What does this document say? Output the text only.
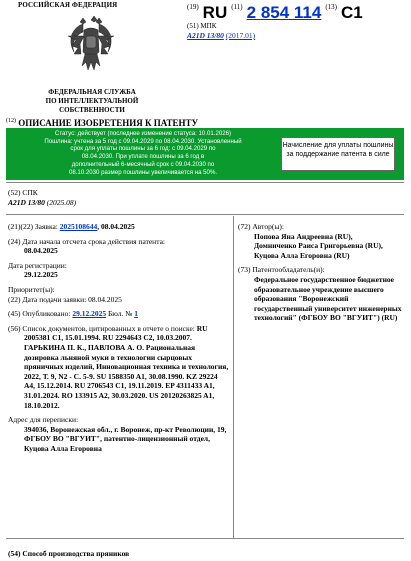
РОССИЙСКАЯ ФЕДЕРАЦИЯ
ФЕДЕРАЛЬНАЯ СЛУЖБА
ПО ИНТЕЛЛЕКТУАЛЬНОЙ СОБСТВЕННОСТИ
$^{(19)}$ RU $^{(11)}$ 2 854 114 $^{(13)}$ C1
(51) МПК
A21D 13/80 (2017.01)
$^{(12)}$ ОПИСАНИЕ ИЗОБРЕТЕНИЯ К ПАТЕНТУ
Статус: действует (последнее изменение статуса: 10.01.2026)
Пошлина: учтена за 5 год с 09.04.2029 по 08.04.2030. Установленный
срок для уплаты пошлины за 6 год: с 09.04.2029 по
08.04.2030. При уплате пошлины за 6 год в
дополнительный 6-месячный срок с 09.04.2030 по
08.10.2030 размер пошлины увеличивается на 50%.
Начисление для уплаты пошлины за поддержание патента в силе
(52) СПК
A21D 13/80 (2025.08)
(21)(22) Заявка: 2025108644, 08.04.2025
(24) Дата начала отсчета срока действия патента:
08.04.2025
Дата регистрации:
29.12.2025
Приоритет(ы):
(22) Дата подачи заявки: 08.04.2025
(45) Опубликовано: 29.12.2025 Бюл. № 1
(56) Список документов, цитированных в отчете о поиске: RU 2005381 C1, 15.01.1994. RU 2294643 C2, 10.03.2007. ГАРЬКИНА П. К., ПАВЛОВА А. О. Рациональная дозировка льняной муки в технологии сырцовых пряничных изделий, Инновационная техника и технология, 2022, Т. 9, N2 - С. 5-9. SU 1588350 A1, 30.08.1990. KZ 29224 A4, 15.12.2014. RU 2706543 C1, 19.11.2019. EP 4311433 A1, 31.01.2024. RO 133915 A2, 30.03.2020. US 20120263825 A1, 18.10.2012.
Адрес для переписки:
394036, Воронежская обл., г. Воронеж, пр-кт Революции, 19, ФГБОУ ВО "ВГУИТ", патентно-лицензионный отдел, Куцова Алла Егоровна
(72) Автор(ы):
Попова Яна Андреевна (RU),
Домниченко Раиса Григорьевна (RU),
Куцова Алла Егоровна (RU)
(73) Патентообладатель(и):
Федеральное государственное бюджетное образовательное учреждение высшего образования "Воронежский государственный университет инженерных технологий" (ФГБОУ ВО "ВГУИТ") (RU)
(54) Способ производства пряников
